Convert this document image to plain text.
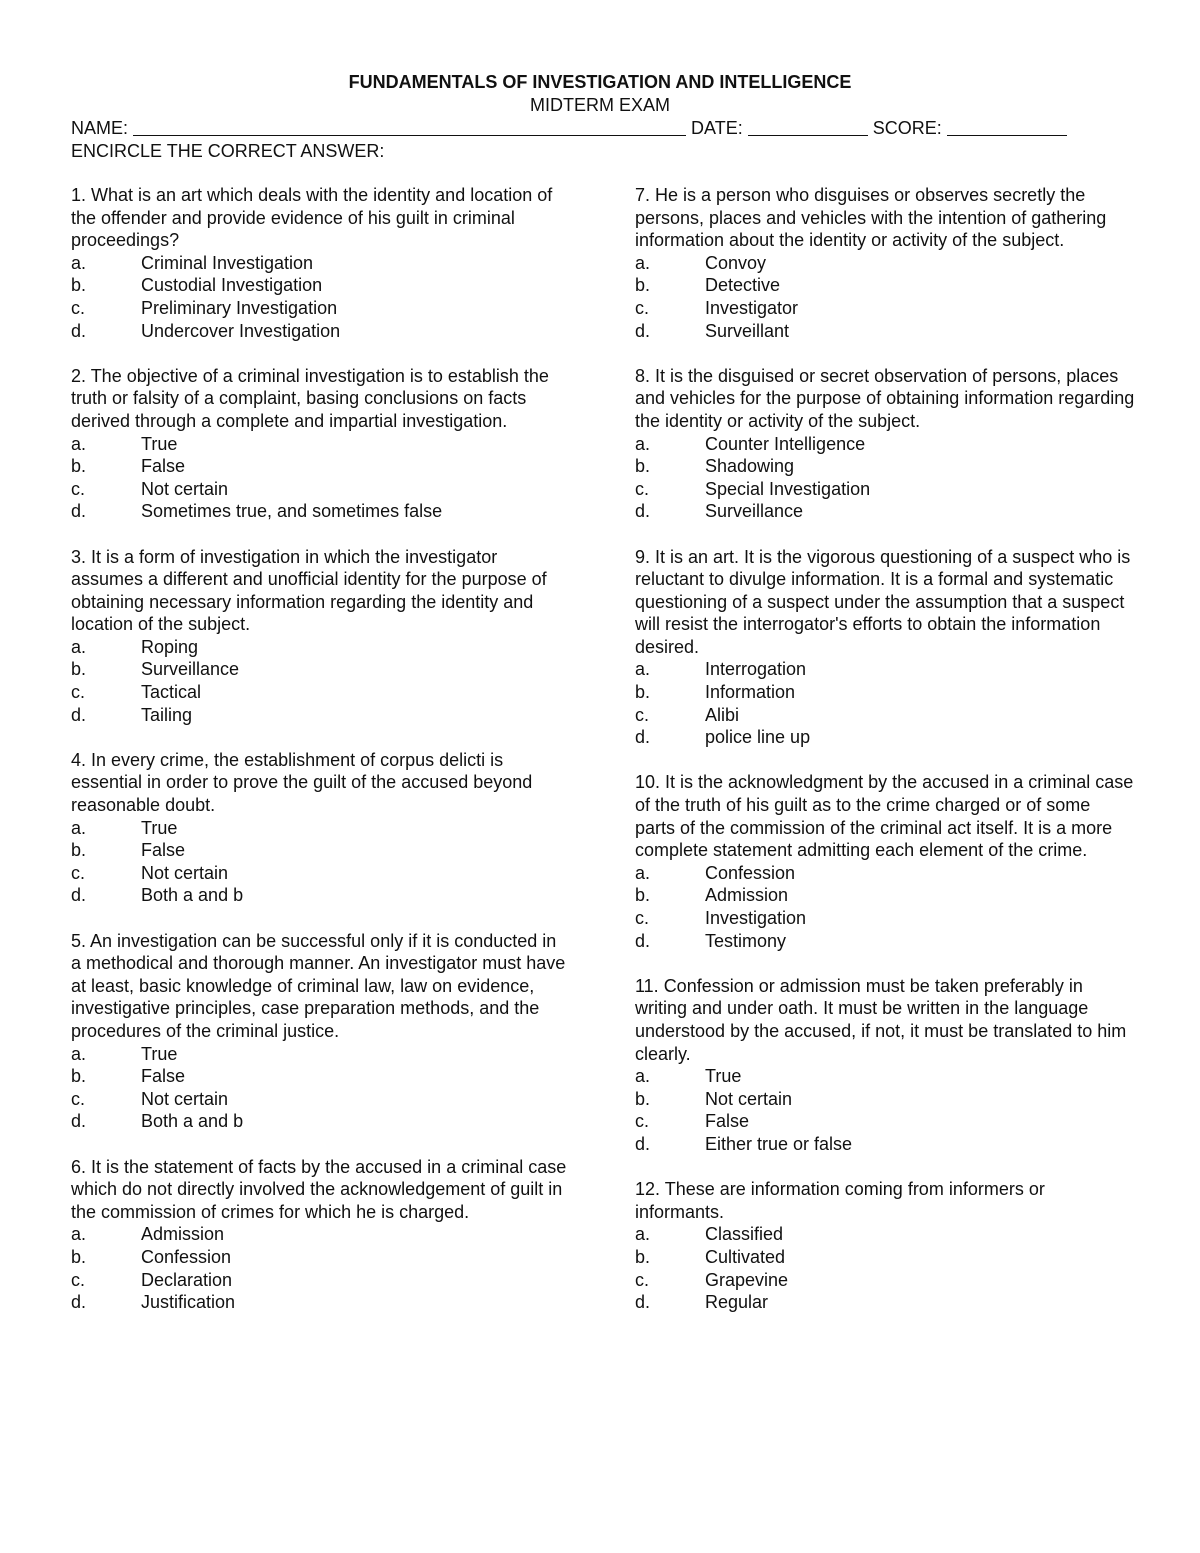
FUNDAMENTALS OF INVESTIGATION AND INTELLIGENCE
MIDTERM EXAM
NAME:	DATE:	SCORE:
ENCIRCLE THE CORRECT ANSWER:

1. What is an art which deals with the identity and location of the offender and provide evidence of his guilt in criminal proceedings?

a.	Criminal Investigation
b.	Custodial Investigation
c.	Preliminary Investigation
d.	Undercover Investigation

2. The objective of a criminal investigation is to establish the truth or falsity of a complaint, basing conclusions on facts derived through a complete and impartial investigation.

a.	True
b.	False
c.	Not certain
d.	Sometimes true, and sometimes false

3. It is a form of investigation in which the investigator assumes a different and unofficial identity for the purpose of obtaining necessary information regarding the identity and location of the subject.

a.	Roping
b.	Surveillance
c.	Tactical
d.	Tailing

4. In every crime, the establishment of corpus delicti is essential in order to prove the guilt of the accused beyond reasonable doubt.

a.	True
b.	False
c.	Not certain
d.	Both a and b

5. An investigation can be successful only if it is conducted in a methodical and thorough manner. An investigator must have at least, basic knowledge of criminal law, law on evidence, investigative principles, case preparation methods, and the procedures of the criminal justice.

a.	True
b.	False
c.	Not certain
d.	Both a and b

6. It is the statement of facts by the accused in a criminal case which do not directly involved the acknowledgement of guilt in the commission of crimes for which he is charged.

a.	Admission
b.	Confession
c.	Declaration
d.	Justification

7. He is a person who disguises or observes secretly the persons, places and vehicles with the intention of gathering information about the identity or activity of the subject.

a.	Convoy
b.	Detective
c.	Investigator
d.	Surveillant

8. It is the disguised or secret observation of persons, places and vehicles for the purpose of obtaining information regarding the identity or activity of the subject.

a.	Counter Intelligence
b.	Shadowing
c.	Special Investigation
d.	Surveillance

9. It is an art. It is the vigorous questioning of a suspect who is reluctant to divulge information. It is a formal and systematic questioning of a suspect under the assumption that a suspect will resist the interrogator's efforts to obtain the information desired.

a.	Interrogation
b.	Information
c.	Alibi
d.	police line up

10. It is the acknowledgment by the accused in a criminal case of the truth of his guilt as to the crime charged or of some parts of the commission of the criminal act itself. It is a more complete statement admitting each element of the crime.

a.	Confession
b.	Admission
c.	Investigation
d.	Testimony

11. Confession or admission must be taken preferably in writing and under oath. It must be written in the language understood by the accused, if not, it must be translated to him clearly.

a.	True
b.	Not certain
c.	False
d.	Either true or false

12. These are information coming from informers or informants.

a.	Classified
b.	Cultivated
c.	Grapevine
d.	Regular
